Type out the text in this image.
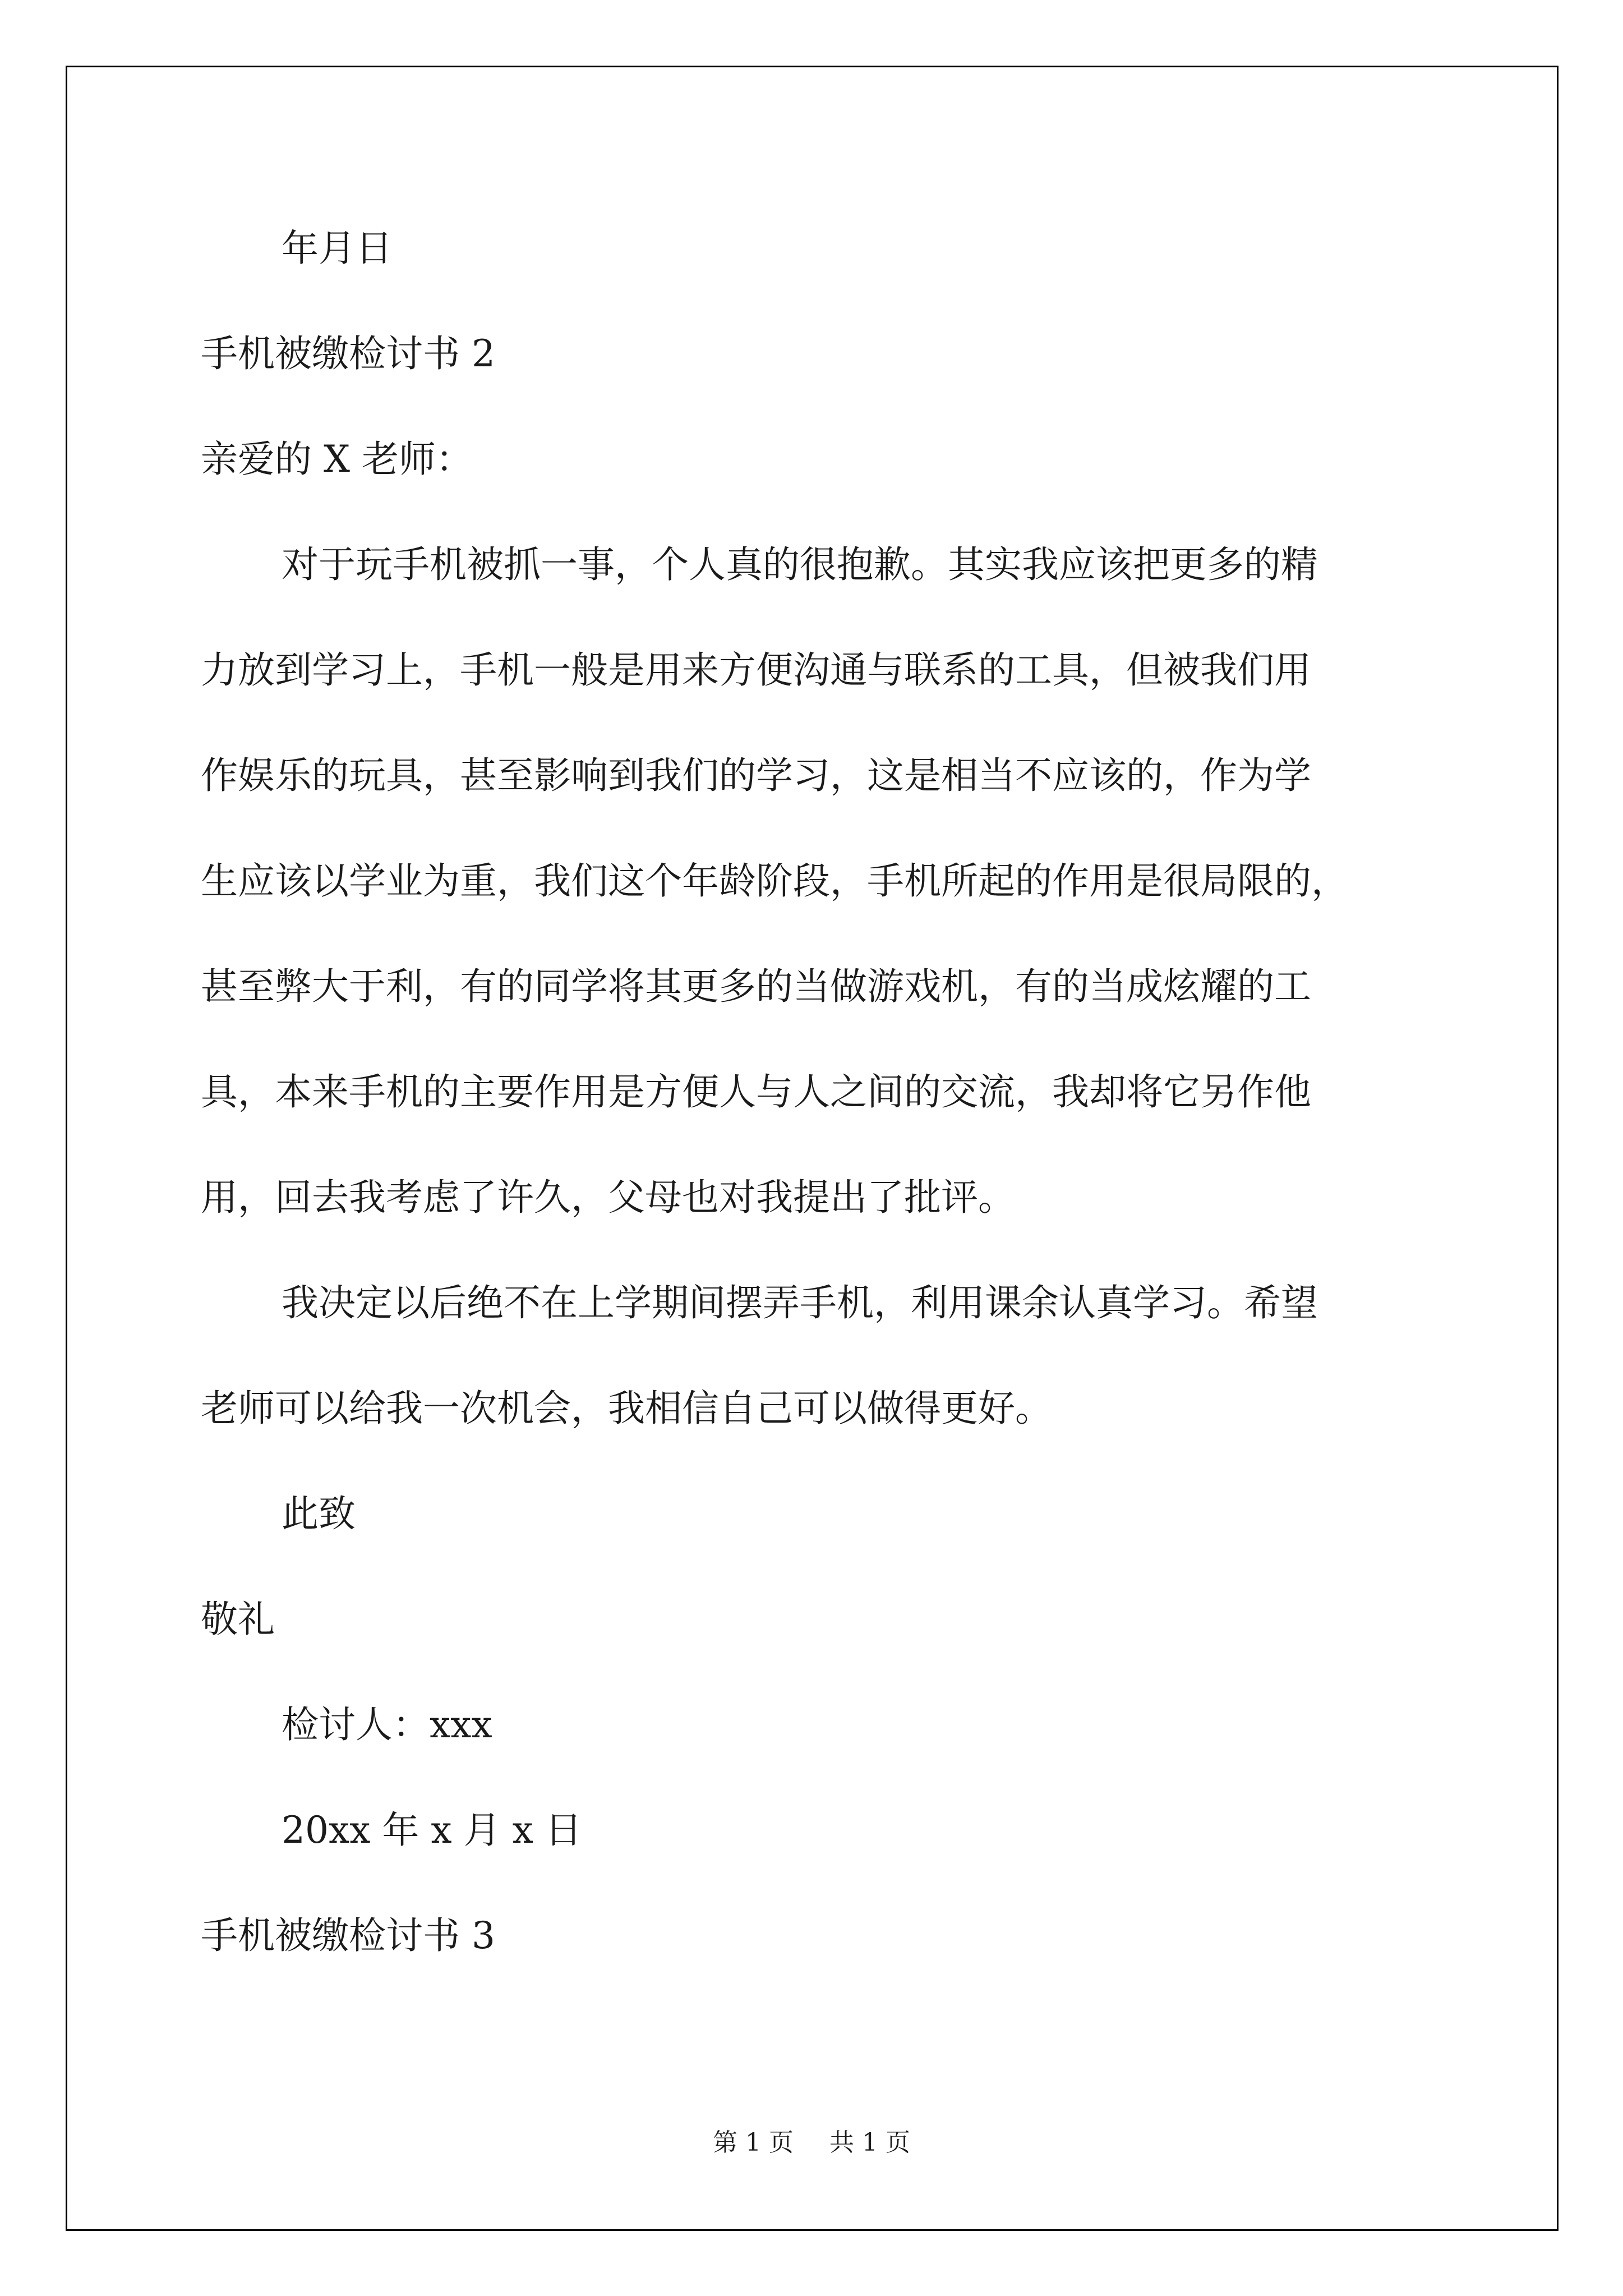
年月日
手机被缴检讨书 2
亲爱的 X 老师：
对于玩手机被抓一事，个人真的很抱歉。其实我应该把更多的精
力放到学习上，手机一般是用来方便沟通与联系的工具，但被我们用
作娱乐的玩具，甚至影响到我们的学习，这是相当不应该的，作为学
生应该以学业为重，我们这个年龄阶段，手机所起的作用是很局限的，
甚至弊大于利，有的同学将其更多的当做游戏机，有的当成炫耀的工
具，本来手机的主要作用是方便人与人之间的交流，我却将它另作他
用，回去我考虑了许久，父母也对我提出了批评。
我决定以后绝不在上学期间摆弄手机，利用课余认真学习。希望
老师可以给我一次机会，我相信自己可以做得更好。
此致
敬礼
检讨人：xxx
20xx 年 x 月 x 日
手机被缴检讨书 3
第 1 页 共 1 页
